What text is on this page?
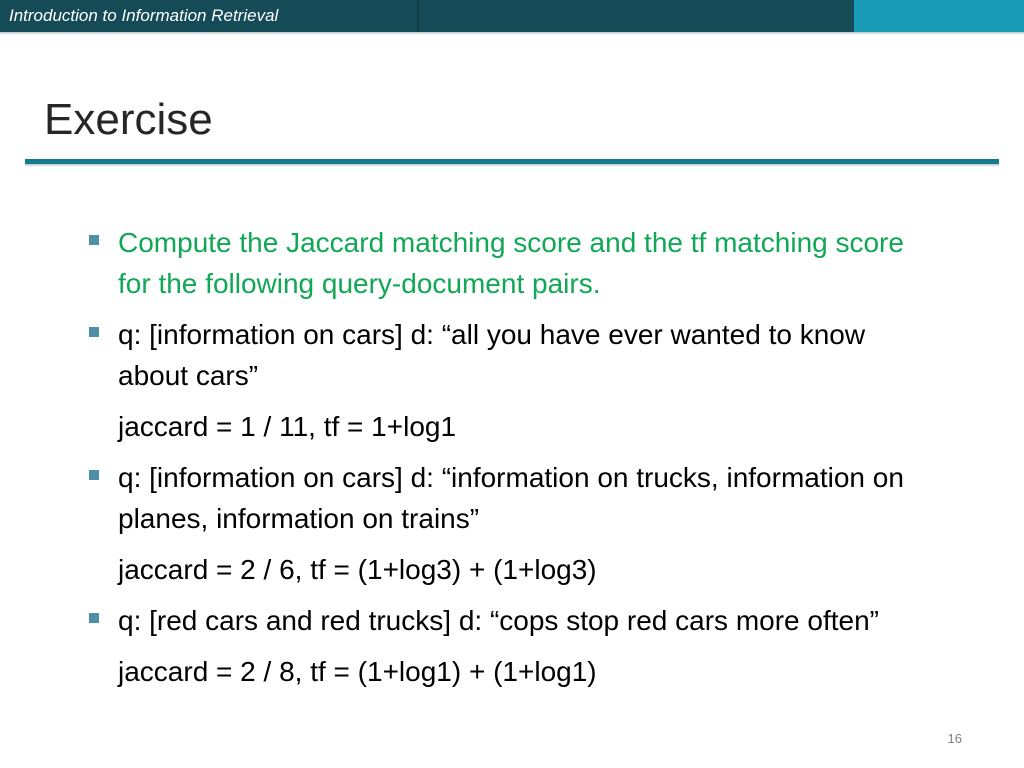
Introduction to Information Retrieval
Exercise
Compute the Jaccard matching score and the tf matching score for the following query-document pairs.
q: [information on cars] d: “all you have ever wanted to know about cars”
jaccard = 1 / 11, tf = 1+log1
q: [information on cars] d: “information on trucks, information on planes, information on trains”
jaccard = 2 / 6, tf = (1+log3) + (1+log3)
q: [red cars and red trucks] d: “cops stop red cars more often”
jaccard = 2 / 8, tf = (1+log1) + (1+log1)
16
